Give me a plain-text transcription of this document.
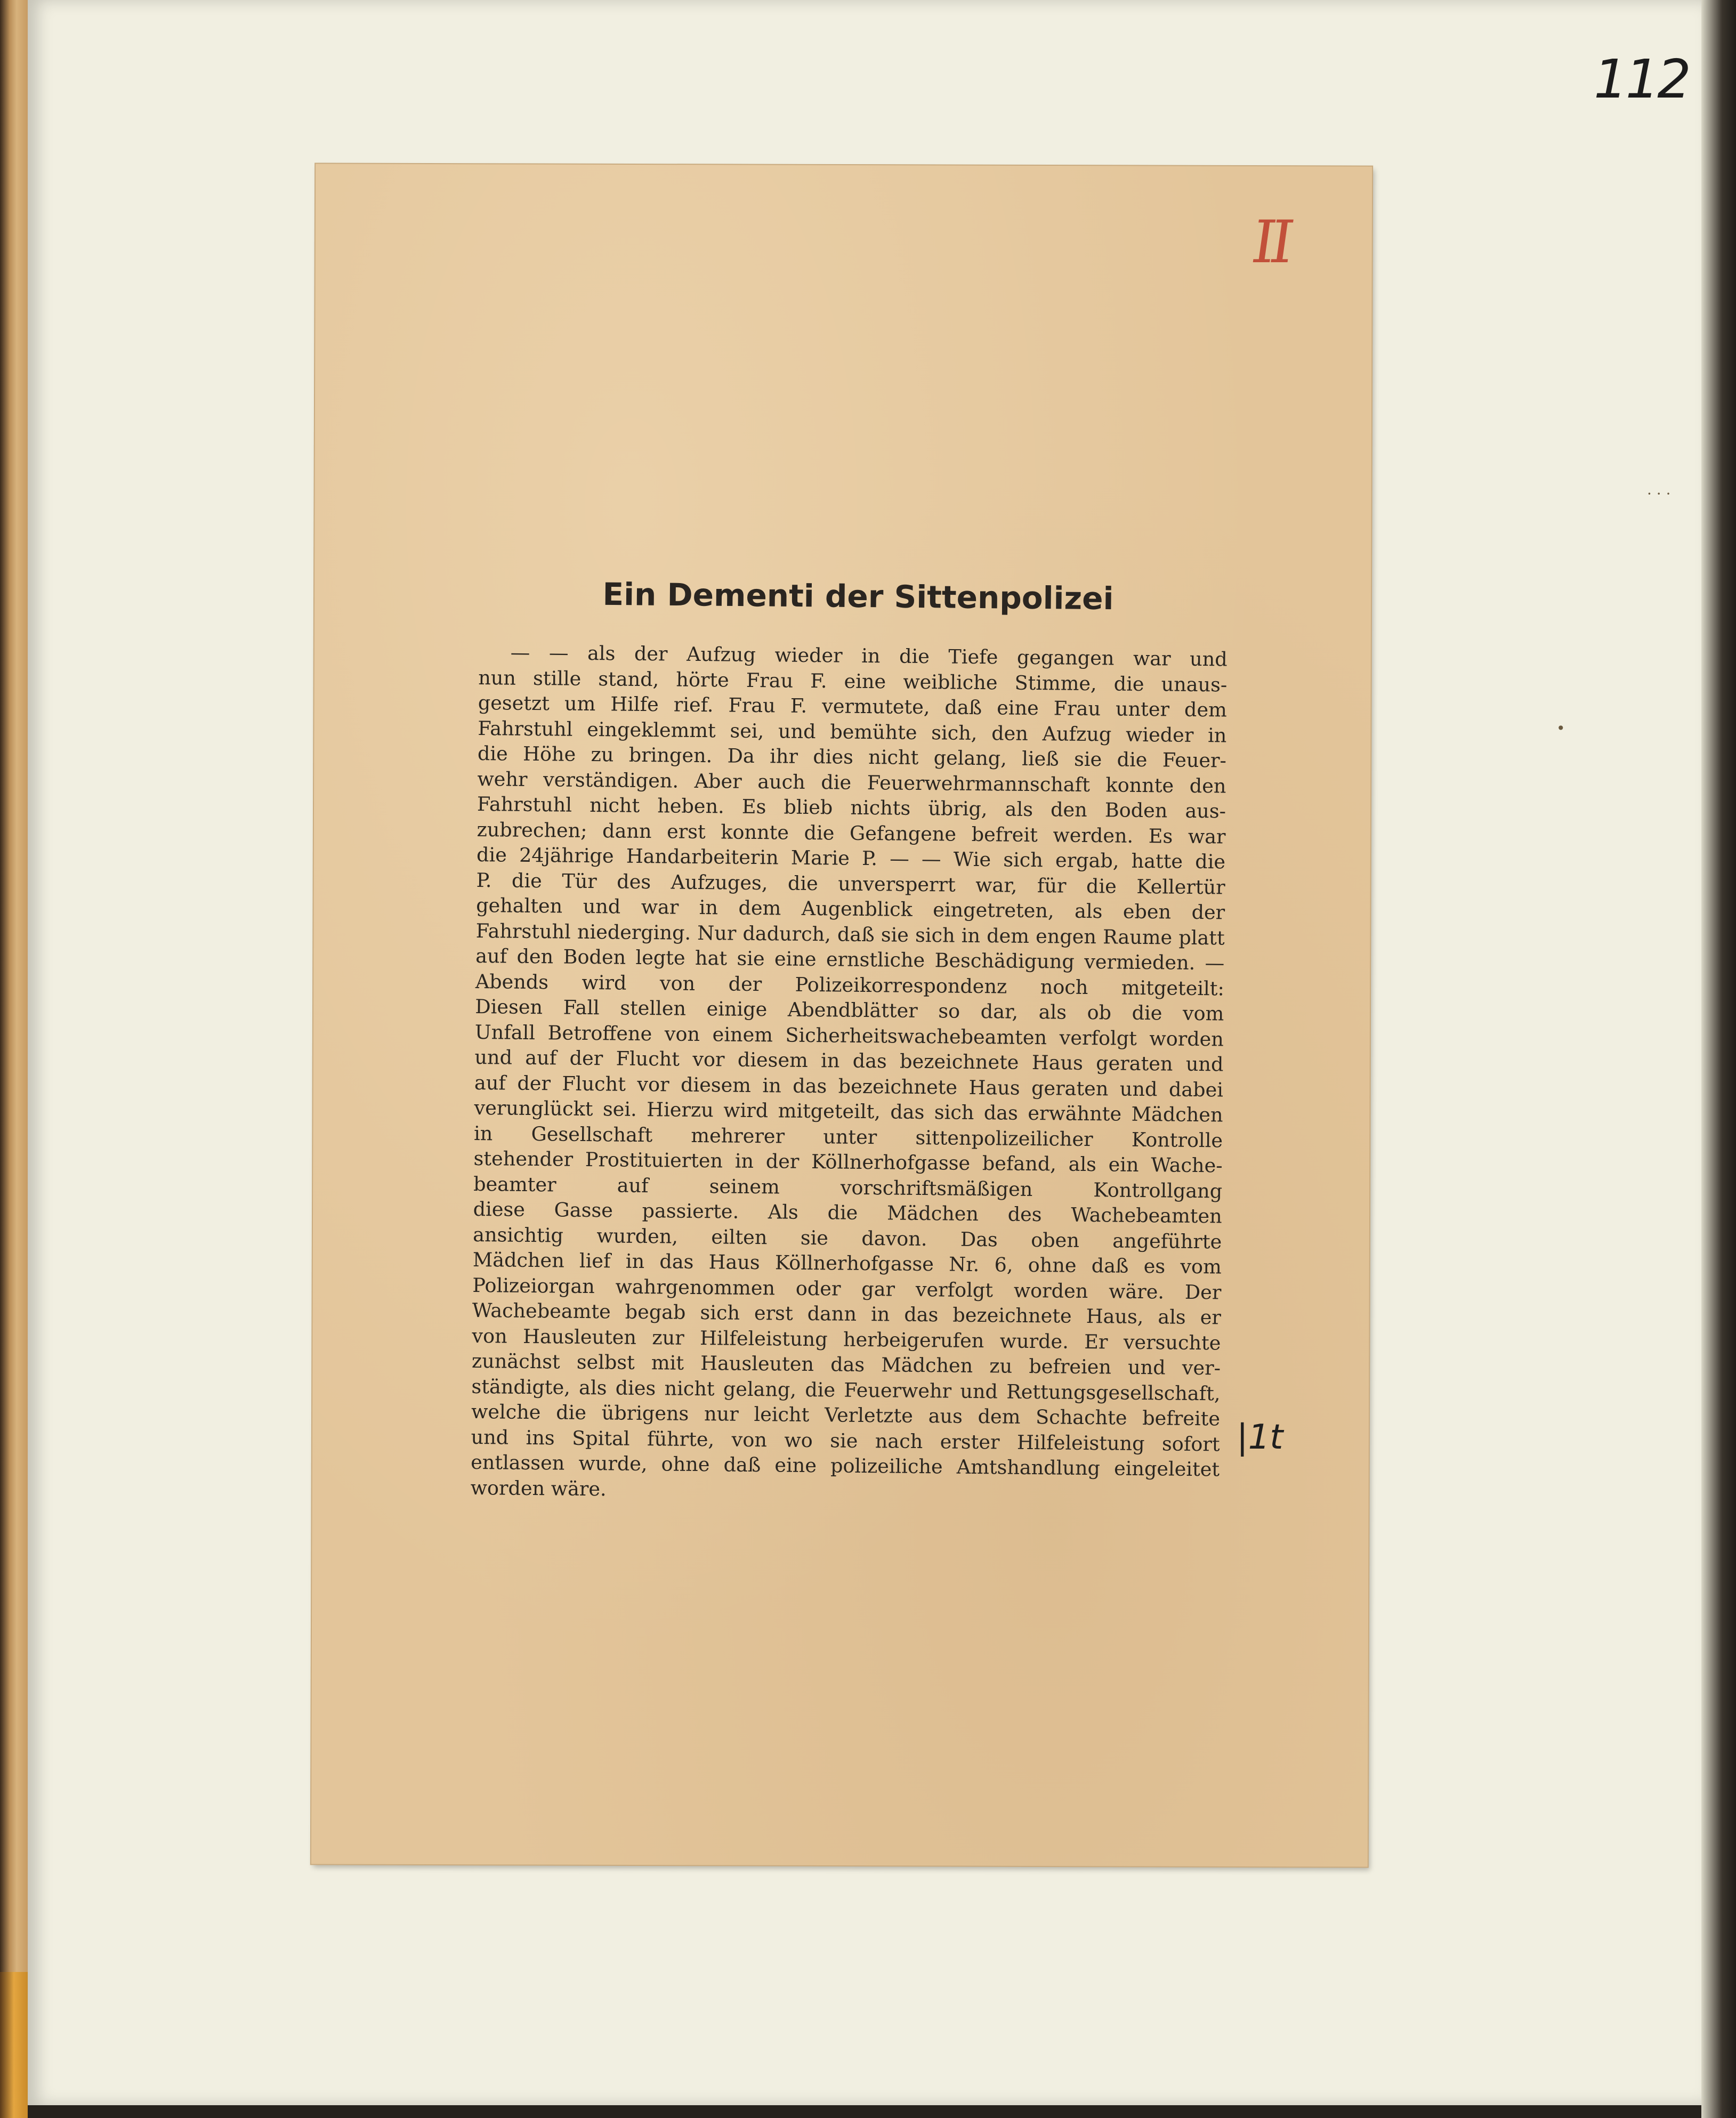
112
· · ·
•
II
Ein Dementi der Sittenpolizei
— — als der Aufzug wieder in die Tiefe gegangen war und
nun stille stand, hörte Frau F. eine weibliche Stimme, die unaus-
gesetzt um Hilfe rief. Frau F. vermutete, daß eine Frau unter dem
Fahrstuhl eingeklemmt sei, und bemühte sich, den Aufzug wieder in
die Höhe zu bringen. Da ihr dies nicht gelang, ließ sie die Feuer-
wehr verständigen. Aber auch die Feuerwehrmannschaft konnte den
Fahrstuhl nicht heben. Es blieb nichts übrig, als den Boden aus-
zubrechen; dann erst konnte die Gefangene befreit werden. Es war
die 24jährige Handarbeiterin Marie P. — — Wie sich ergab, hatte die
P. die Tür des Aufzuges, die unversperrt war, für die Kellertür
gehalten und war in dem Augenblick eingetreten, als eben der
Fahrstuhl niederging. Nur dadurch, daß sie sich in dem engen Raume platt
auf den Boden legte hat sie eine ernstliche Beschädigung vermieden. —
Abends wird von der Polizeikorrespondenz noch mitgeteilt:
Diesen Fall stellen einige Abendblätter so dar, als ob die vom
Unfall Betroffene von einem Sicherheitswachebeamten verfolgt worden
und auf der Flucht vor diesem in das bezeichnete Haus geraten und
auf der Flucht vor diesem in das bezeichnete Haus geraten und dabei
verunglückt sei. Hierzu wird mitgeteilt, das sich das erwähnte Mädchen
in Gesellschaft mehrerer unter sittenpolizeilicher Kontrolle
stehender Prostituierten in der Köllnerhofgasse befand, als ein Wache-
beamter auf seinem vorschriftsmäßigen Kontrollgang
diese Gasse passierte. Als die Mädchen des Wachebeamten
ansichtig wurden, eilten sie davon. Das oben angeführte
Mädchen lief in das Haus Köllnerhofgasse Nr. 6, ohne daß es vom
Polizeiorgan wahrgenommen oder gar verfolgt worden wäre. Der
Wachebeamte begab sich erst dann in das bezeichnete Haus, als er
von Hausleuten zur Hilfeleistung herbeigerufen wurde. Er versuchte
zunächst selbst mit Hausleuten das Mädchen zu befreien und ver-
ständigte, als dies nicht gelang, die Feuerwehr und Rettungsgesellschaft,
welche die übrigens nur leicht Verletzte aus dem Schachte befreite
und ins Spital führte, von wo sie nach erster Hilfeleistung sofort
entlassen wurde, ohne daß eine polizeiliche Amtshandlung eingeleitet
worden wäre.
|1t
